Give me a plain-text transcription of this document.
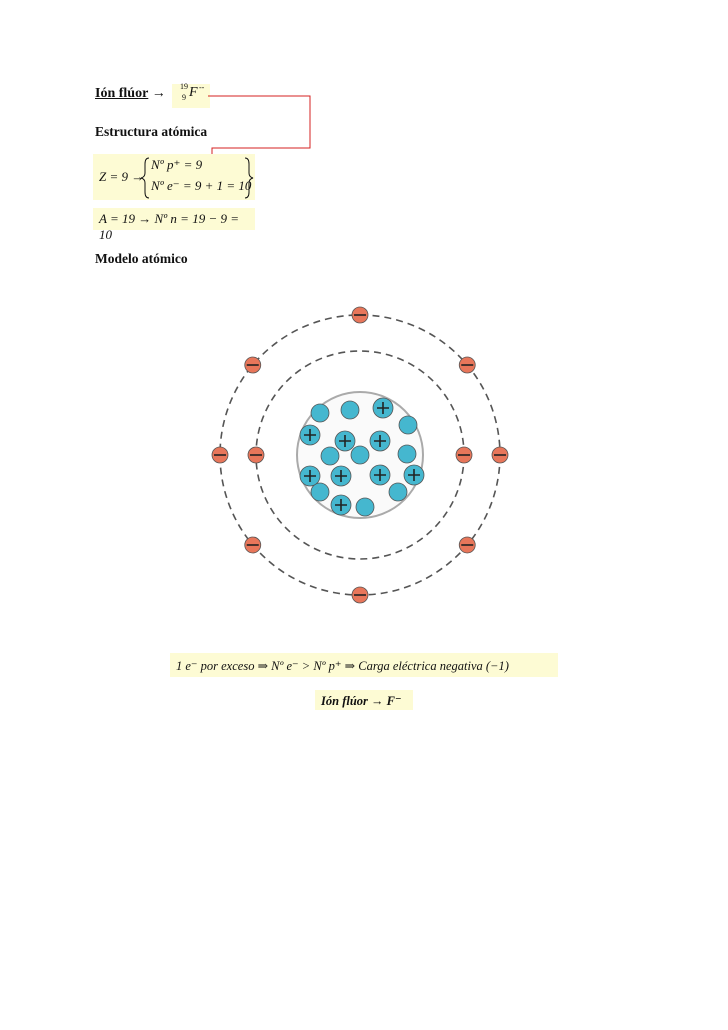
Ión flúor → 19
9 F --
Estructura atómica
Z = 9 →
Nº p⁺ = 9
Nº e⁻ = 9 + 1 = 10
A = 19 → Nº n = 19 − 9 = 10
Modelo atómico
1 e⁻ por exceso ⇒ Nº e⁻ > Nº p⁺ ⇒ Carga eléctrica negativa (−1)
Ión flúor → F⁻
